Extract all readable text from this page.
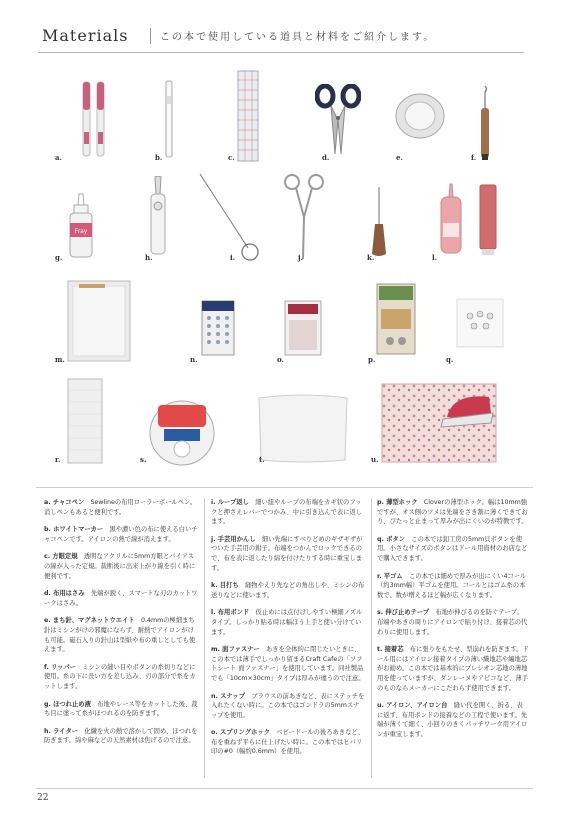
Materials	この本で使用している道具と材料をご紹介します。
a.	b.	c.	d.	e.	f.
Fray
g.	h.	i.	j.	k.	l.
m.	n.	o.	p.	q.
r.	s.	t.	u.
a. チャコペン　 Sewlineの布用ローラーボールペン。消しペンもあると便利です。
b. ホワイトマーカー　 黒や濃い色の布に使える白いチャコペンです。アイロンの熱で線が消えます。
c. 方眼定規　 透明なアクリルに5mm方眼とバイアスの線が入った定規。裁断後に出来上がり線を引く時に便利です。
d. 布用はさみ　 先端が鋭く、スマートな刃のカットワークはさみ。
e. まち針、マグネットウエイト　 0.4mmの極細まち針はミシンがけの邪魔にならず、耐熱でアイロンがけも可能。磁石入りの針山は型紙や布の重しとしても使えます。
f. リッパー　 ミシンの縫い目やボタンの糸切りなどに使用。糸の下に長い方を差し込み、刃の部分で糸をカットします。
g. ほつれ止め液　 布地やレース等をカットした後、裁ち目に塗って糸がほつれるのを防ぎます。
h. ライター　 化繊を火の熱で溶かして固め、ほつれを防ぎます。綿や麻などの天然素材は焦げるので注意。
i. ループ返し　 細い紐やループの布端をカギ状のフックと押さえレバーでつかみ、中に引き込んで表に返します。
j. 手芸用かんし　 細い先端にすべりどめのギザギザがついた手芸用の鉗子。布端をつかんでロックできるので、布を表に返したり綿を付けたりする時に重宝します。
k. 目打ち　 縫物やえり先などの角出しや、ミシンの布送りなどに使います。
l. 布用ボンド　 仮止めには点付けしやすい極細ノズルタイプ。しっかり貼る時は幅ほう上手と使い分けています。
m. 面ファスナー　 あきを全体的に閉じたいときに、この本では薄手でしっかり留まるCraft Cafeの「ソフトシート 面ファスナー」を使用しています。同社製品でも「10cm×30cm」タイプは厚みが違うので注意。
n. スナップ　 ブラウスの前あきなど、表にステッチを入れたくない時に。この本ではゴンドラの5mmスナップを使用。
o. スプリングホック　 ベビードールの後ろあきなど、布を重ねず平らに仕上げたい時に。この本ではヒバリ印の#0（幅約0.6mm）を使用。
p. 薄型ホック　 Cloverの薄型ホック。幅は10mm強ですが、オス側のツメは先端をさき割に薄くできており、ぴたっと止まって厚みが出にくいのが特徴です。
q. ボタン　 この本では釦工房の5mm貝ボタンを使用。小さなサイズのボタンはドール用資材のお店などで購入できます。
r. 平ゴム　 この本では細めで厚みが出にくい4コール（約3mm幅）平ゴムを使用。コールとはゴム糸の本数で、数が増えるほど幅が広くなります。
s. 伸び止めテープ　 布地が伸びるのを防ぐテープ。布端やあきの周りにアイロンで貼り付け、接着芯の代わりに使用します。
t. 接着芯　 布に張りをもたせ、型崩れを防ぎます。ドール用にはアイロン接着タイプの薄い織地芯や編地芯がお勧め。この本では基本的にプレシオン芯地の薄地用を使っていますが、ダンレーヌやアピコなど、薄手のものならメーカーにこだわらず使用できます。
u. アイロン、アイロン台　 縫い代を開く、折る、表に返す、布用ボンドの接着などの工程で使います。先端が薄くて細く、小回りのきくパッチワーク用アイロンが重宝します。
22
